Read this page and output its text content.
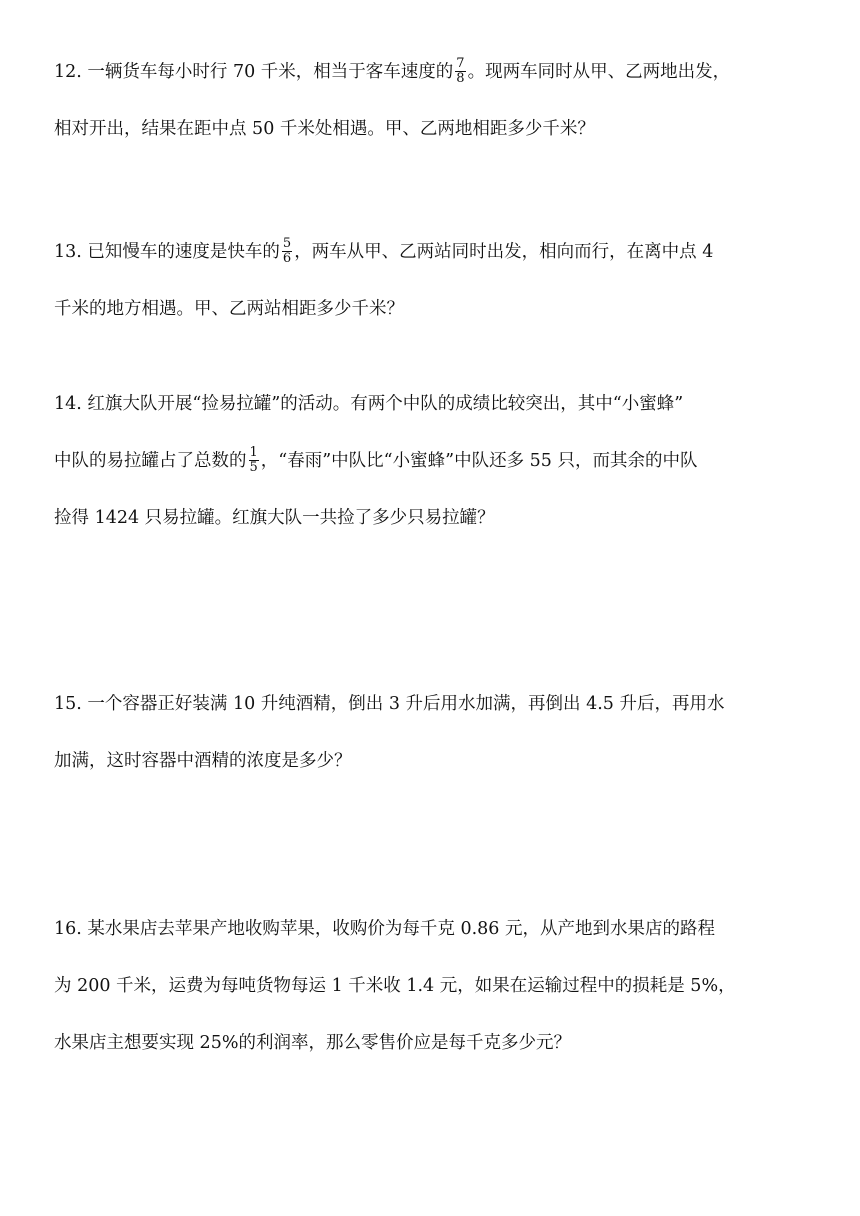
12. 一辆货车每小时行 70 千米，相当于客车速度的 $\frac{7}{8}$ 。现两车同时从甲、乙两地出发，

相对开出，结果在距中点 50 千米处相遇。甲、乙两地相距多少千米？

13. 已知慢车的速度是快车的 $\frac{5}{6}$ ，两车从甲、乙两站同时出发，相向而行，在离中点 4

千米的地方相遇。甲、乙两站相距多少千米？

14. 红旗大队开展“捡易拉罐”的活动。有两个中队的成绩比较突出，其中“小蜜蜂”

中队的易拉罐占了总数的 $\frac{1}{5}$ ，“春雨”中队比“小蜜蜂”中队还多 55 只，而其余的中队

捡得 1424 只易拉罐。红旗大队一共捡了多少只易拉罐？

15. 一个容器正好装满 10 升纯酒精，倒出 3 升后用水加满，再倒出 4.5 升后，再用水

加满，这时容器中酒精的浓度是多少？

16. 某水果店去苹果产地收购苹果，收购价为每千克 0.86 元，从产地到水果店的路程

为 200 千米，运费为每吨货物每运 1 千米收 1.4 元，如果在运输过程中的损耗是 5%，

水果店主想要实现 25%的利润率，那么零售价应是每千克多少元？
